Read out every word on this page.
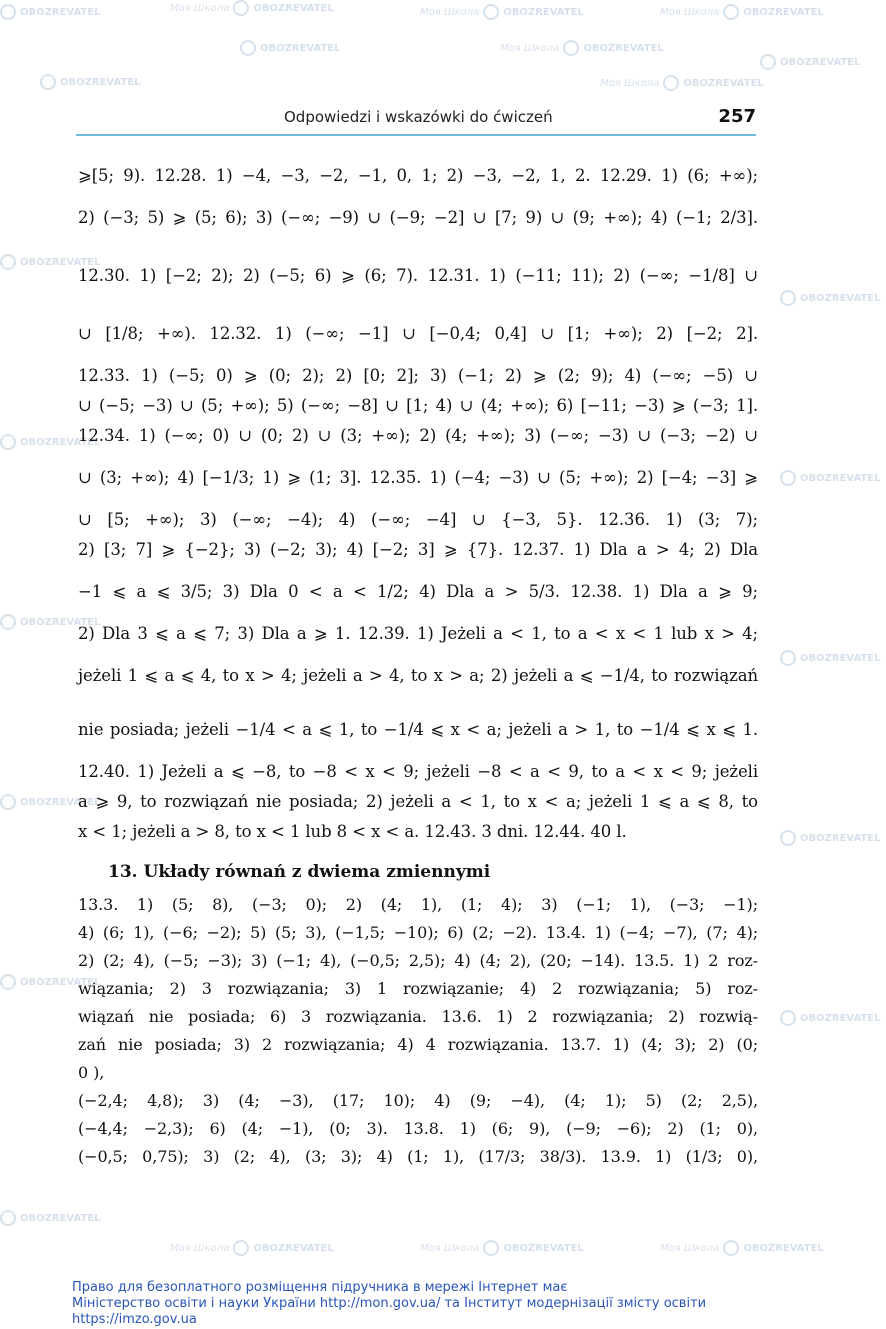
OBOZREVATEL	Моя Школа OBOZREVATEL	Моя Школа OBOZREVATEL	Моя Школа OBOZREVATEL
OBOZREVATEL	Моя Школа OBOZREVATEL
OBOZREVATEL
OBOZREVATEL
Моя Школа OBOZREVATEL
OBOZREVATEL
OBOZREVATEL
OBOZREVATEL
OBOZREVATEL
OBOZREVATEL
OBOZREVATEL
OBOZREVATEL
OBOZREVATEL
OBOZREVATEL
OBOZREVATEL
OBOZREVATEL
Моя Школа OBOZREVATEL	Моя Школа OBOZREVATEL	Моя Школа OBOZREVATEL
Odpowiedzi i wskazówki do ćwiczeń	257
⩾[5; 9). 12.28. 1) −4, −3, −2, −1, 0, 1; 2) −3, −2, 1, 2. 12.29. 1) (6; +∞);
2) (−3; 5) ⩾ (5; 6); 3) (−∞; −9) ∪ (−9; −2] ∪ [7; 9) ∪ (9; +∞); 4) (−1; 2/3].
12.30. 1) [−2; 2); 2) (−5; 6) ⩾ (6; 7). 12.31. 1) (−11; 11); 2) (−∞; −1/8] ∪
∪ [1/8; +∞). 12.32. 1) (−∞; −1] ∪ [−0,4; 0,4] ∪ [1; +∞); 2) [−2; 2].
12.33. 1) (−5; 0) ⩾ (0; 2); 2) [0; 2]; 3) (−1; 2) ⩾ (2; 9); 4) (−∞; −5) ∪
∪ (−5; −3) ∪ (5; +∞); 5) (−∞; −8] ∪ [1; 4) ∪ (4; +∞); 6) [−11; −3) ⩾ (−3; 1].
12.34. 1) (−∞; 0) ∪ (0; 2) ∪ (3; +∞); 2) (4; +∞); 3) (−∞; −3) ∪ (−3; −2) ∪
∪ (3; +∞); 4) [−1/3; 1) ⩾ (1; 3]. 12.35. 1) (−4; −3) ∪ (5; +∞); 2) [−4; −3] ⩾
∪ [5; +∞); 3) (−∞; −4); 4) (−∞; −4] ∪ {−3, 5}. 12.36. 1) (3; 7);
2) [3; 7] ⩾ {−2}; 3) (−2; 3); 4) [−2; 3] ⩾ {7}. 12.37. 1) Dla a > 4; 2) Dla
−1 ⩽ a ⩽ 3/5; 3) Dla 0 < a < 1/2; 4) Dla a > 5/3. 12.38. 1) Dla a ⩾ 9;
2) Dla 3 ⩽ a ⩽ 7; 3) Dla a ⩾ 1. 12.39. 1) Jeżeli a < 1, to a < x < 1 lub x > 4;
jeżeli 1 ⩽ a ⩽ 4, to x > 4; jeżeli a > 4, to x > a; 2) jeżeli a ⩽ −1/4, to rozwiązań
nie posiada; jeżeli −1/4 < a ⩽ 1, to −1/4 ⩽ x < a; jeżeli a > 1, to −1/4 ⩽ x ⩽ 1.
12.40. 1) Jeżeli a ⩽ −8, to −8 < x < 9; jeżeli −8 < a < 9, to a < x < 9; jeżeli
a ⩾ 9, to rozwiązań nie posiada; 2) jeżeli a < 1, to x < a; jeżeli 1 ⩽ a ⩽ 8, to
x < 1; jeżeli a > 8, to x < 1 lub 8 < x < a. 12.43. 3 dni. 12.44. 40 l.
13. Układy równań z dwiema zmiennymi
13.3. 1) (5; 8), (−3; 0); 2) (4; 1), (1; 4); 3) (−1; 1), (−3; −1);
4) (6; 1), (−6; −2); 5) (5; 3), (−1,5; −10); 6) (2; −2). 13.4. 1) (−4; −7), (7; 4);
2) (2; 4), (−5; −3); 3) (−1; 4), (−0,5; 2,5); 4) (4; 2), (20; −14). 13.5. 1) 2 roz-
wiązania; 2) 3 rozwiązania; 3) 1 rozwiązanie; 4) 2 rozwiązania; 5) roz-
wiązań nie posiada; 6) 3 rozwiązania. 13.6. 1) 2 rozwiązania; 2) rozwią-
zań nie posiada; 3) 2 rozwiązania; 4) 4 rozwiązania. 13.7. 1) (4; 3); 2) (0;
0 ),
(−2,4; 4,8); 3) (4; −3), (17; 10); 4) (9; −4), (4; 1); 5) (2; 2,5),
(−4,4; −2,3); 6) (4; −1), (0; 3). 13.8. 1) (6; 9), (−9; −6); 2) (1; 0),
(−0,5; 0,75); 3) (2; 4), (3; 3); 4) (1; 1), (17/3; 38/3). 13.9. 1) (1/3; 0),
Право для безоплатного розміщення підручника в мережі Інтернет має
Міністерство освіти і науки України http://mon.gov.ua/ та Інститут модернізації змісту освіти https://imzo.gov.ua
